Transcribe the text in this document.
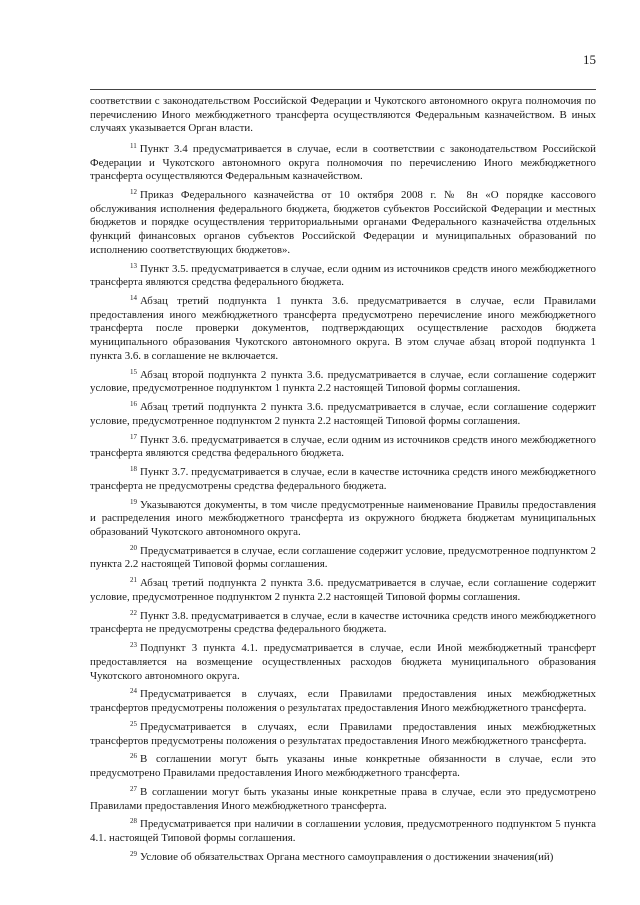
15

соответствии с законодательством Российской Федерации и Чукотского автономного округа полномочия по перечислению Иного межбюджетного трансферта осуществляются Федеральным казначейством. В иных случаях указывается Орган власти.

$^{11}$ Пункт 3.4 предусматривается в случае, если в соответствии с законодательством Российской Федерации и Чукотского автономного округа полномочия по перечислению Иного межбюджетного трансферта осуществляются Федеральным казначейством.

$^{12}$ Приказ Федерального казначейства от 10 октября 2008 г. № 8н «О порядке кассового обслуживания исполнения федерального бюджета, бюджетов субъектов Российской Федерации и местных бюджетов и порядке осуществления территориальными органами Федерального казначейства отдельных функций финансовых органов субъектов Российской Федерации и муниципальных образований по исполнению соответствующих бюджетов».

$^{13}$ Пункт 3.5. предусматривается в случае, если одним из источников средств иного межбюджетного трансферта являются средства федерального бюджета.

$^{14}$ Абзац третий подпункта 1 пункта 3.6. предусматривается в случае, если Правилами предоставления иного межбюджетного трансферта предусмотрено перечисление иного межбюджетного трансферта после проверки документов, подтверждающих осуществление расходов бюджета муниципального образования Чукотского автономного округа. В этом случае абзац второй подпункта 1 пункта 3.6. в соглашение не включается.

$^{15}$ Абзац второй подпункта 2 пункта 3.6. предусматривается в случае, если соглашение содержит условие, предусмотренное подпунктом 1 пункта 2.2 настоящей Типовой формы соглашения.

$^{16}$ Абзац третий подпункта 2 пункта 3.6. предусматривается в случае, если соглашение содержит условие, предусмотренное подпунктом 2 пункта 2.2 настоящей Типовой формы соглашения.

$^{17}$ Пункт 3.6. предусматривается в случае, если одним из источников средств иного межбюджетного трансферта являются средства федерального бюджета.

$^{18}$ Пункт 3.7. предусматривается в случае, если в качестве источника средств иного межбюджетного трансферта не предусмотрены средства федерального бюджета.

$^{19}$ Указываются документы, в том числе предусмотренные наименование Правилы предоставления и распределения иного межбюджетного трансферта из окружного бюджета бюджетам муниципальных образований Чукотского автономного округа.

$^{20}$ Предусматривается в случае, если соглашение содержит условие, предусмотренное подпунктом 2 пункта 2.2 настоящей Типовой формы соглашения.

$^{21}$ Абзац третий подпункта 2 пункта 3.6. предусматривается в случае, если соглашение содержит условие, предусмотренное подпунктом 2 пункта 2.2 настоящей Типовой формы соглашения.

$^{22}$ Пункт 3.8. предусматривается в случае, если в качестве источника средств иного межбюджетного трансферта не предусмотрены средства федерального бюджета.

$^{23}$ Подпункт 3 пункта 4.1. предусматривается в случае, если Иной межбюджетный трансферт предоставляется на возмещение осуществленных расходов бюджета муниципального образования Чукотского автономного округа.

$^{24}$ Предусматривается в случаях, если Правилами предоставления иных межбюджетных трансфертов предусмотрены положения о результатах предоставления Иного межбюджетного трансферта.

$^{25}$ Предусматривается в случаях, если Правилами предоставления иных межбюджетных трансфертов предусмотрены положения о результатах предоставления Иного межбюджетного трансферта.

$^{26}$ В соглашении могут быть указаны иные конкретные обязанности в случае, если это предусмотрено Правилами предоставления Иного межбюджетного трансферта.

$^{27}$ В соглашении могут быть указаны иные конкретные права в случае, если это предусмотрено Правилами предоставления Иного межбюджетного трансферта.

$^{28}$ Предусматривается при наличии в соглашении условия, предусмотренного подпунктом 5 пункта 4.1. настоящей Типовой формы соглашения.

$^{29}$ Условие об обязательствах Органа местного самоуправления о достижении значения(ий)
